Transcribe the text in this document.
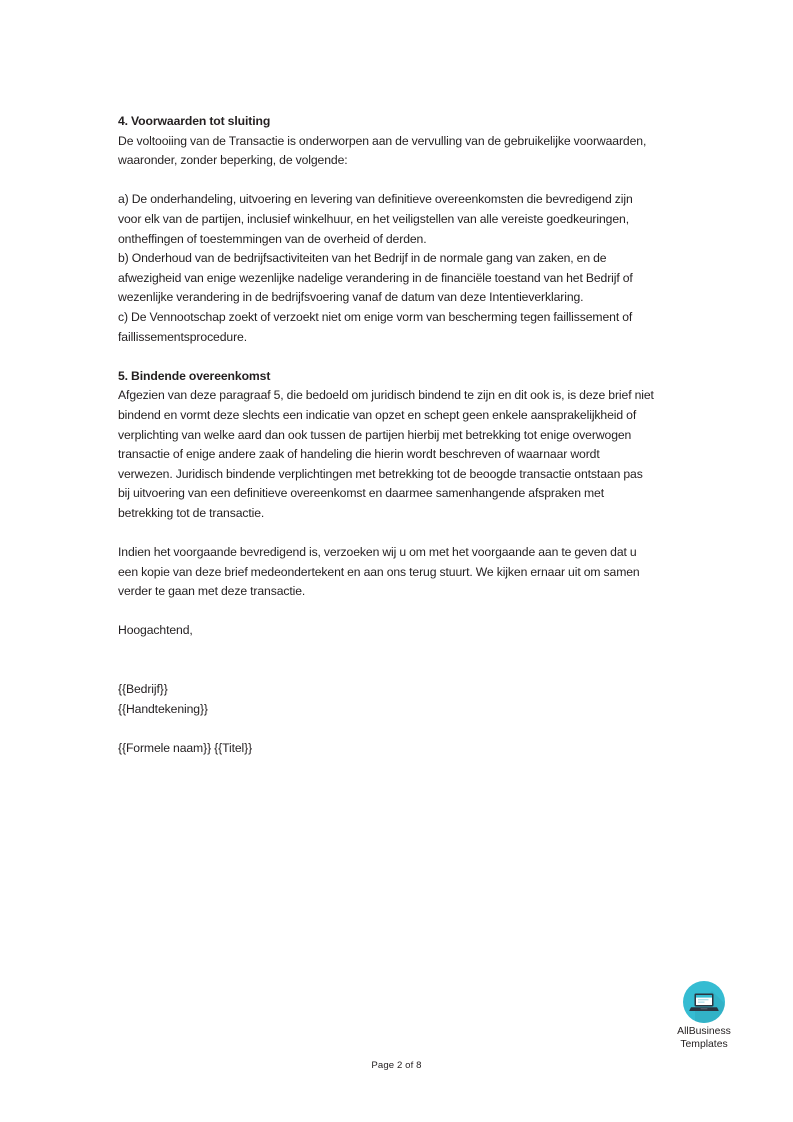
4. Voorwaarden tot sluiting
De voltooiing van de Transactie is onderworpen aan de vervulling van de gebruikelijke voorwaarden,
waaronder, zonder beperking, de volgende:
a) De onderhandeling, uitvoering en levering van definitieve overeenkomsten die bevredigend zijn
voor elk van de partijen, inclusief winkelhuur, en het veiligstellen van alle vereiste goedkeuringen,
ontheffingen of toestemmingen van de overheid of derden.
b) Onderhoud van de bedrijfsactiviteiten van het Bedrijf in de normale gang van zaken, en de
afwezigheid van enige wezenlijke nadelige verandering in de financiële toestand van het Bedrijf of
wezenlijke verandering in de bedrijfsvoering vanaf de datum van deze Intentieverklaring.
c) De Vennootschap zoekt of verzoekt niet om enige vorm van bescherming tegen faillissement of
faillissementsprocedure.
5. Bindende overeenkomst
Afgezien van deze paragraaf 5, die bedoeld om juridisch bindend te zijn en dit ook is, is deze brief niet
bindend en vormt deze slechts een indicatie van opzet en schept geen enkele aansprakelijkheid of
verplichting van welke aard dan ook tussen de partijen hierbij met betrekking tot enige overwogen
transactie of enige andere zaak of handeling die hierin wordt beschreven of waarnaar wordt
verwezen. Juridisch bindende verplichtingen met betrekking tot de beoogde transactie ontstaan pas
bij uitvoering van een definitieve overeenkomst en daarmee samenhangende afspraken met
betrekking tot de transactie.
Indien het voorgaande bevredigend is, verzoeken wij u om met het voorgaande aan te geven dat u
een kopie van deze brief medeondertekent en aan ons terug stuurt. We kijken ernaar uit om samen
verder te gaan met deze transactie.
Hoogachtend,
{{Bedrijf}}
{{Handtekening}}
{{Formele naam}} {{Titel}}
AllBusiness
Templates
Page 2 of 8
